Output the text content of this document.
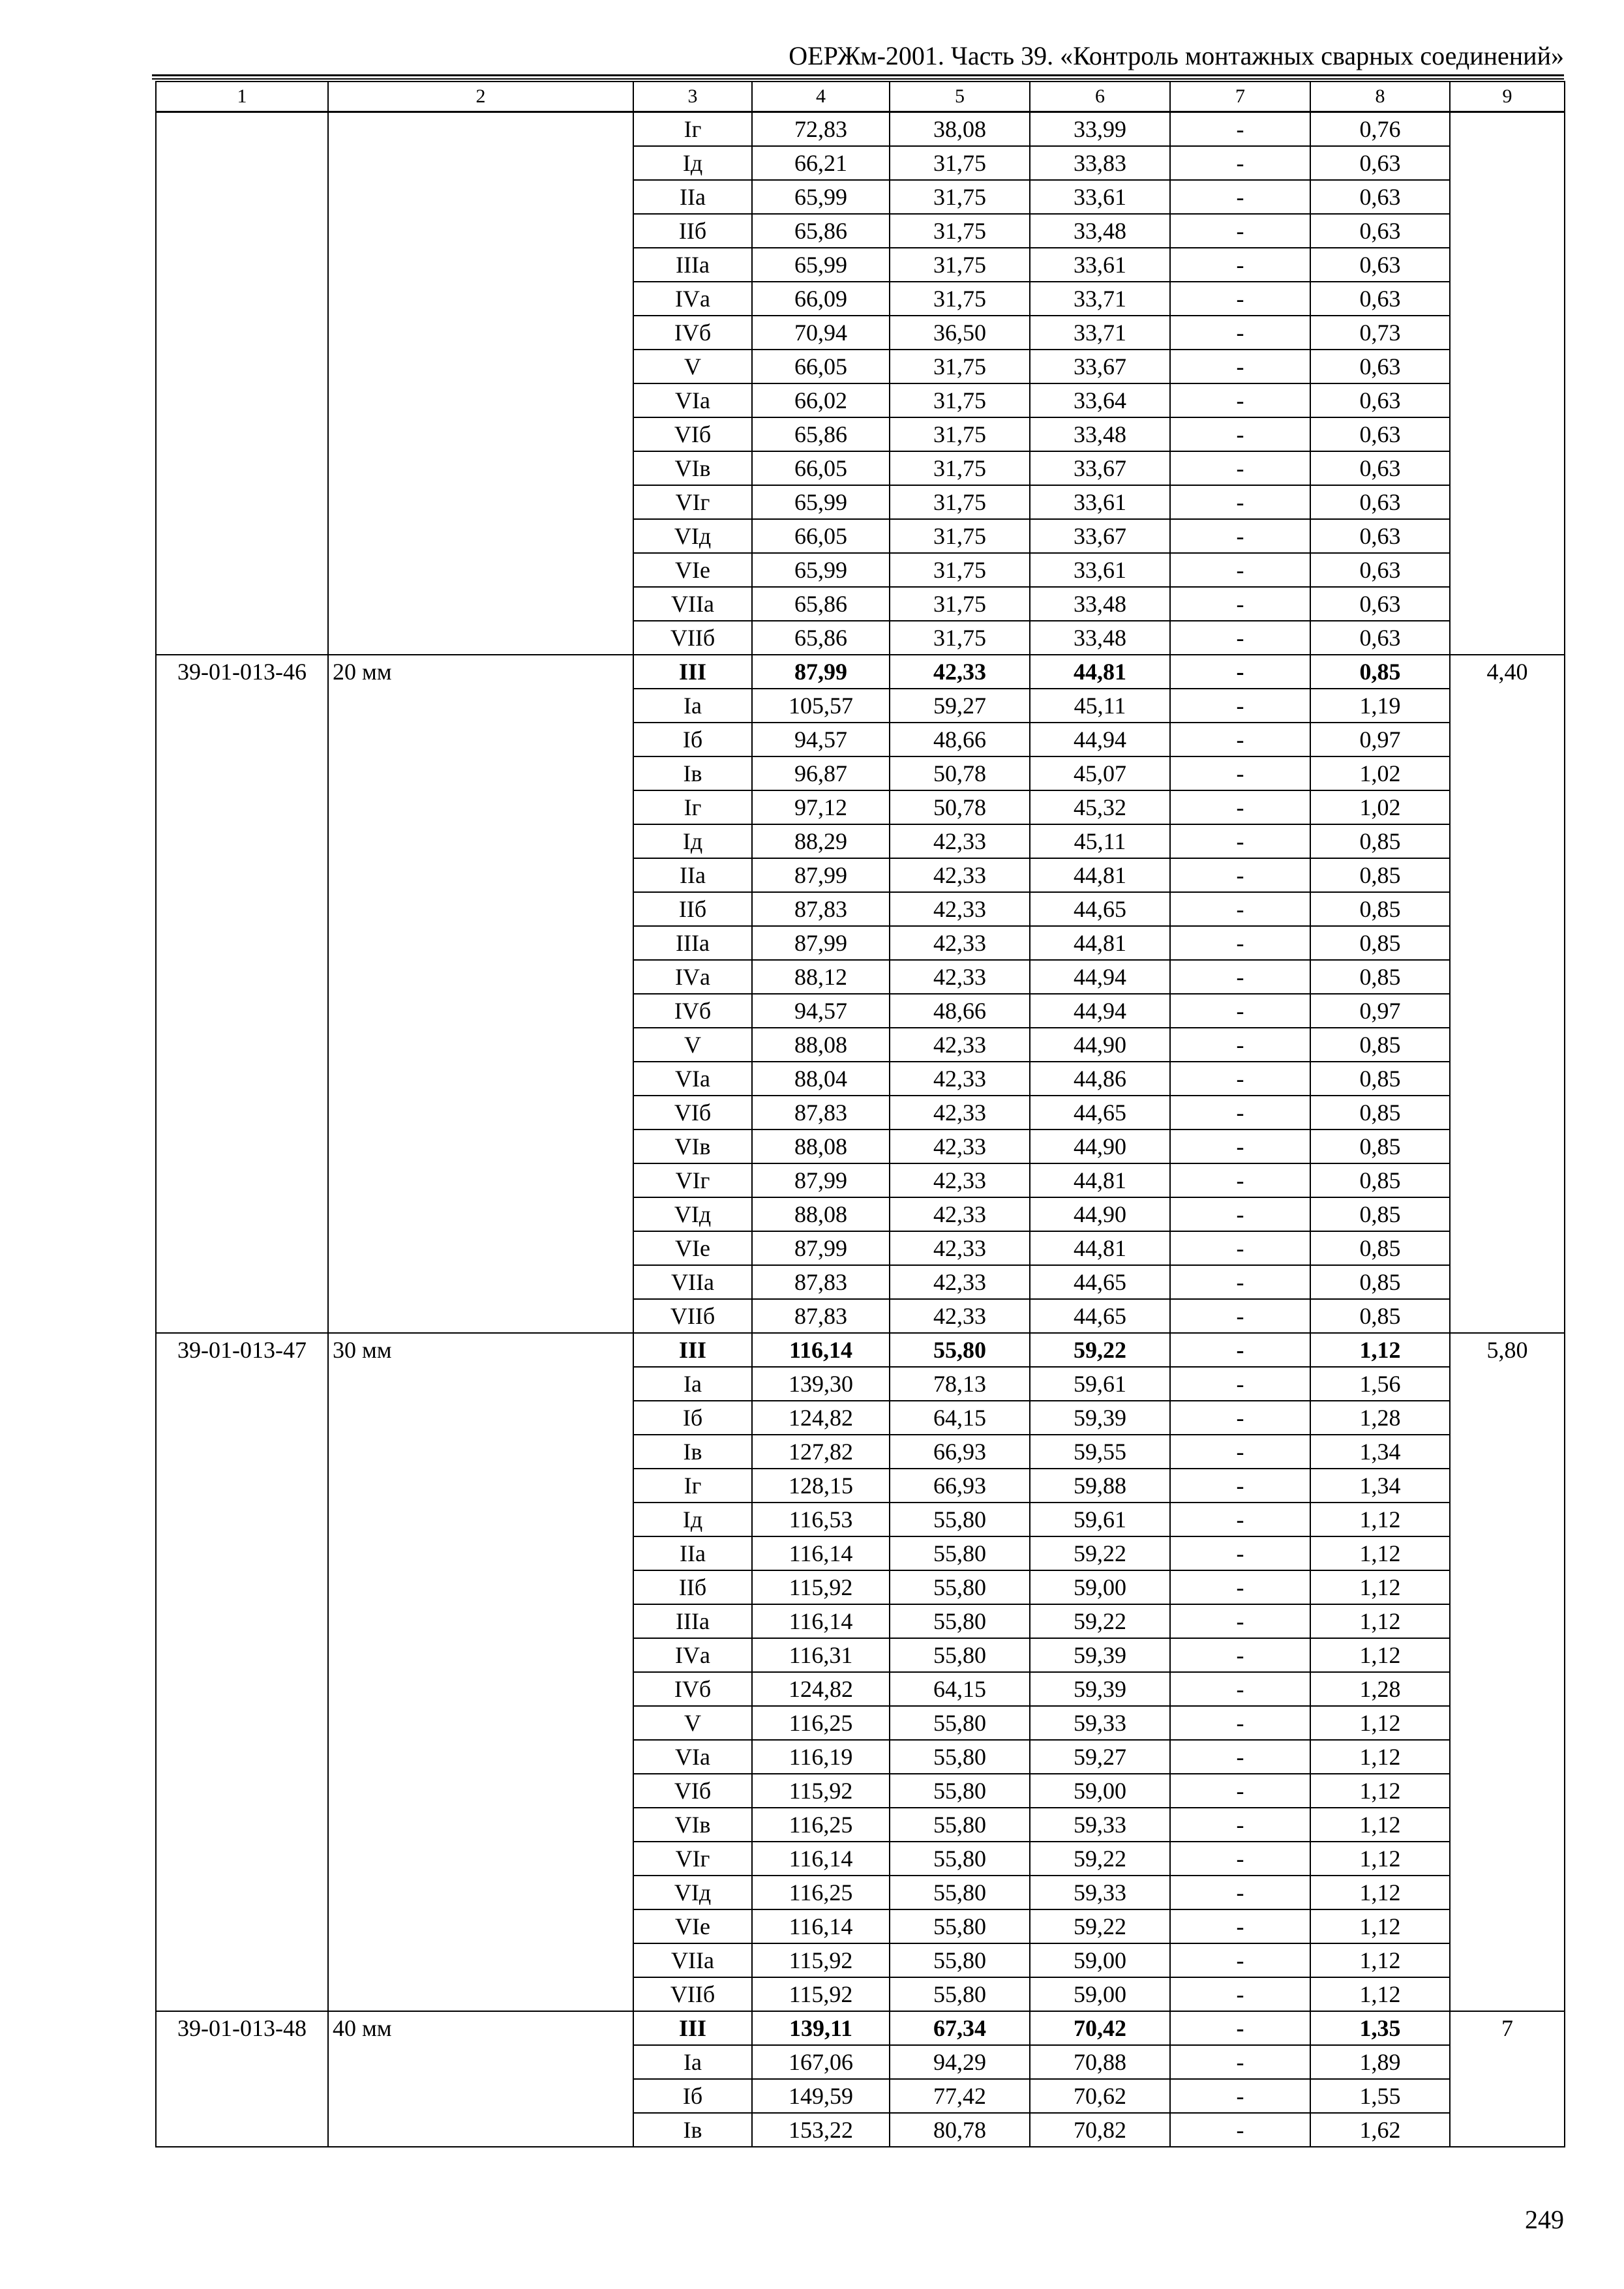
ОЕРЖм-2001. Часть 39. «Контроль монтажных сварных соединений»
1	2	3	4	5	6	7	8	9
		Iг	72,83	38,08	33,99	-	0,76	
		Iд	66,21	31,75	33,83	-	0,63	
		IIа	65,99	31,75	33,61	-	0,63	
		IIб	65,86	31,75	33,48	-	0,63	
		IIIа	65,99	31,75	33,61	-	0,63	
		IVа	66,09	31,75	33,71	-	0,63	
		IVб	70,94	36,50	33,71	-	0,73	
		V	66,05	31,75	33,67	-	0,63	
		VIа	66,02	31,75	33,64	-	0,63	
		VIб	65,86	31,75	33,48	-	0,63	
		VIв	66,05	31,75	33,67	-	0,63	
		VIг	65,99	31,75	33,61	-	0,63	
		VIд	66,05	31,75	33,67	-	0,63	
		VIе	65,99	31,75	33,61	-	0,63	
		VIIа	65,86	31,75	33,48	-	0,63	
		VIIб	65,86	31,75	33,48	-	0,63	
39-01-013-46	20 мм	III	87,99	42,33	44,81	-	0,85	4,40
		Iа	105,57	59,27	45,11	-	1,19	
		Iб	94,57	48,66	44,94	-	0,97	
		Iв	96,87	50,78	45,07	-	1,02	
		Iг	97,12	50,78	45,32	-	1,02	
		Iд	88,29	42,33	45,11	-	0,85	
		IIа	87,99	42,33	44,81	-	0,85	
		IIб	87,83	42,33	44,65	-	0,85	
		IIIа	87,99	42,33	44,81	-	0,85	
		IVа	88,12	42,33	44,94	-	0,85	
		IVб	94,57	48,66	44,94	-	0,97	
		V	88,08	42,33	44,90	-	0,85	
		VIа	88,04	42,33	44,86	-	0,85	
		VIб	87,83	42,33	44,65	-	0,85	
		VIв	88,08	42,33	44,90	-	0,85	
		VIг	87,99	42,33	44,81	-	0,85	
		VIд	88,08	42,33	44,90	-	0,85	
		VIе	87,99	42,33	44,81	-	0,85	
		VIIа	87,83	42,33	44,65	-	0,85	
		VIIб	87,83	42,33	44,65	-	0,85	
39-01-013-47	30 мм	III	116,14	55,80	59,22	-	1,12	5,80
		Iа	139,30	78,13	59,61	-	1,56	
		Iб	124,82	64,15	59,39	-	1,28	
		Iв	127,82	66,93	59,55	-	1,34	
		Iг	128,15	66,93	59,88	-	1,34	
		Iд	116,53	55,80	59,61	-	1,12	
		IIа	116,14	55,80	59,22	-	1,12	
		IIб	115,92	55,80	59,00	-	1,12	
		IIIа	116,14	55,80	59,22	-	1,12	
		IVа	116,31	55,80	59,39	-	1,12	
		IVб	124,82	64,15	59,39	-	1,28	
		V	116,25	55,80	59,33	-	1,12	
		VIа	116,19	55,80	59,27	-	1,12	
		VIб	115,92	55,80	59,00	-	1,12	
		VIв	116,25	55,80	59,33	-	1,12	
		VIг	116,14	55,80	59,22	-	1,12	
		VIд	116,25	55,80	59,33	-	1,12	
		VIе	116,14	55,80	59,22	-	1,12	
		VIIа	115,92	55,80	59,00	-	1,12	
		VIIб	115,92	55,80	59,00	-	1,12	
39-01-013-48	40 мм	III	139,11	67,34	70,42	-	1,35	7
		Iа	167,06	94,29	70,88	-	1,89	
		Iб	149,59	77,42	70,62	-	1,55	
		Iв	153,22	80,78	70,82	-	1,62	
249
